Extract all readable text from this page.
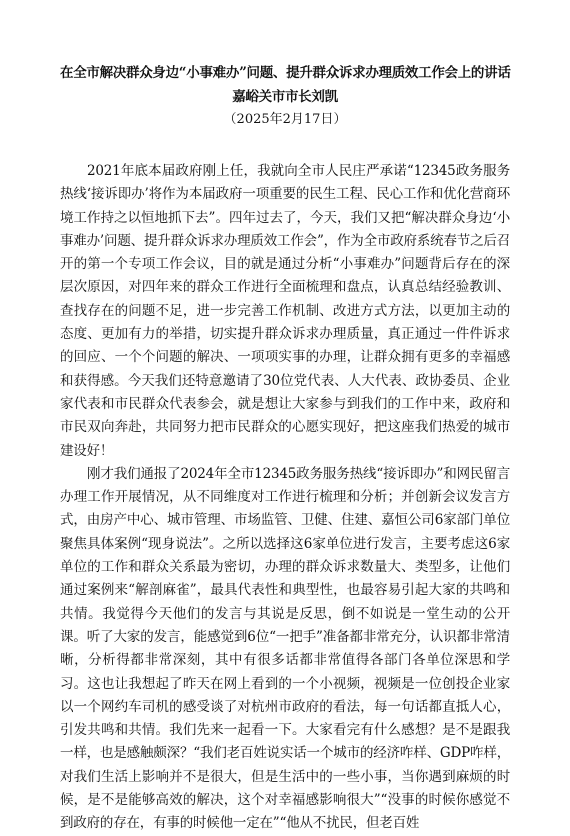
在全市解决群众身边“小事难办”问题、提升群众诉求办理质效工作会上的讲话
嘉峪关市市长刘凯
（2025年2月17日）

2021年底本届政府刚上任，我就向全市人民庄严承诺“12345政务服务热线‘接诉即办’将作为本届政府一项重要的民生工程、民心工作和优化营商环境工作持之以恒地抓下去”。四年过去了，今天，我们又把“解决群众身边‘小事难办’问题、提升群众诉求办理质效工作会”，作为全市政府系统春节之后召开的第一个专项工作会议，目的就是通过分析“小事难办”问题背后存在的深层次原因，对四年来的群众工作进行全面梳理和盘点，认真总结经验教训、查找存在的问题不足，进一步完善工作机制、改进方式方法，以更加主动的态度、更加有力的举措，切实提升群众诉求办理质量，真正通过一件件诉求的回应、一个个问题的解决、一项项实事的办理，让群众拥有更多的幸福感和获得感。今天我们还特意邀请了30位党代表、人大代表、政协委员、企业家代表和市民群众代表参会，就是想让大家参与到我们的工作中来，政府和市民双向奔赴，共同努力把市民群众的心愿实现好，把这座我们热爱的城市建设好！

刚才我们通报了2024年全市12345政务服务热线“接诉即办”和网民留言办理工作开展情况，从不同维度对工作进行梳理和分析；并创新会议发言方式，由房产中心、城市管理、市场监管、卫健、住建、嘉恒公司6家部门单位聚焦具体案例“现身说法”。之所以选择这6家单位进行发言，主要考虑这6家单位的工作和群众关系最为密切，办理的群众诉求数量大、类型多，让他们通过案例来“解剖麻雀”，最具代表性和典型性，也最容易引起大家的共鸣和共情。我觉得今天他们的发言与其说是反思，倒不如说是一堂生动的公开课。听了大家的发言，能感觉到6位“一把手”准备都非常充分，认识都非常清晰，分析得都非常深刻，其中有很多话都非常值得各部门各单位深思和学习。这也让我想起了昨天在网上看到的一个小视频，视频是一位创投企业家以一个网约车司机的感受谈了对杭州市政府的看法，每一句话都直抵人心，引发共鸣和共情。我们先来一起看一下。大家看完有什么感想？是不是跟我一样，也是感触颇深？“我们老百姓说实话一个城市的经济咋样、GDP咋样，对我们生活上影响并不是很大，但是生活中的一些小事，当你遇到麻烦的时候，是不是能够高效的解决，这个对幸福感影响很大”“没事的时候你感觉不到政府的存在，有事的时候他一定在”“他从不扰民，但老百姓
